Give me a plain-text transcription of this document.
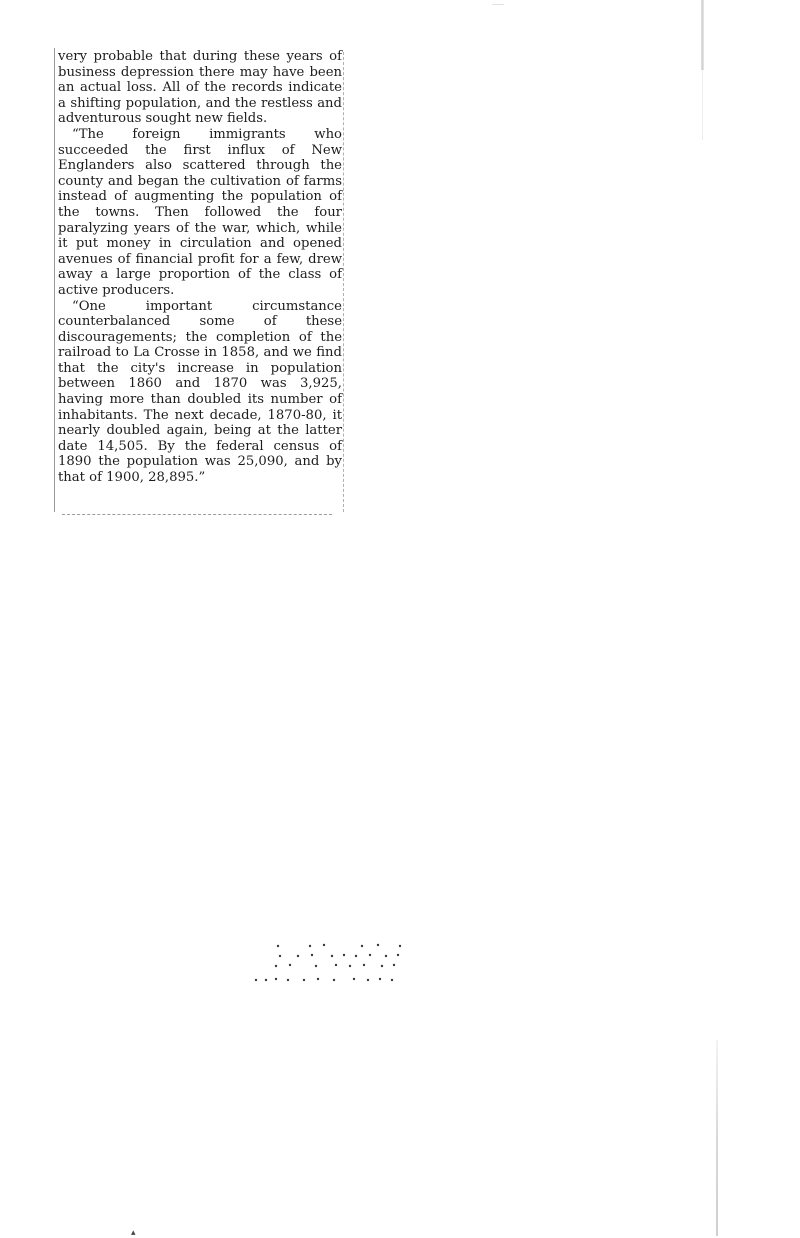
very probable that during these years of business depression there may have been an actual loss. All of the records indicate a shifting population, and the restless and adventurous sought new fields.

“The foreign immigrants who succeeded the first influx of New Englanders also scattered through the county and began the cultivation of farms instead of augmenting the population of the towns. Then followed the four paralyzing years of the war, which, while it put money in circulation and opened avenues of financial profit for a few, drew away a large proportion of the class of active producers.

“One important circumstance counterbalanced some of these discouragements; the completion of the railroad to La Crosse in 1858, and we find that the city's increase in population between 1860 and 1870 was 3,925, having more than doubled its number of inhabitants. The next decade, 1870-80, it nearly doubled again, being at the latter date 14,505. By the federal census of 1890 the population was 25,090, and by that of 1900, 28,895.”

▴
